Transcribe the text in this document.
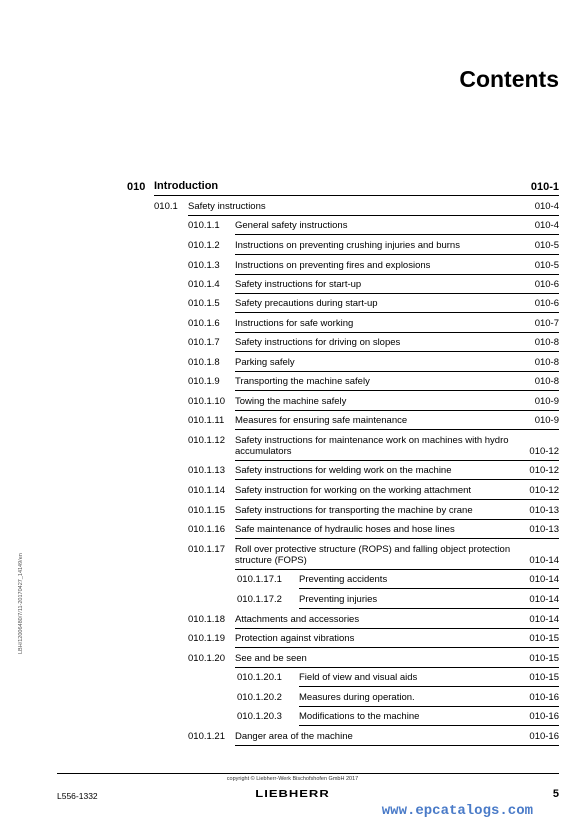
Contents
010 Introduction	010-1
010.1 Safety instructions	010-4
010.1.1 General safety instructions	010-4
010.1.2 Instructions on preventing crushing injuries and burns	010-5
010.1.3 Instructions on preventing fires and explosions	010-5
010.1.4 Safety instructions for start-up	010-6
010.1.5 Safety precautions during start-up	010-6
010.1.6 Instructions for safe working	010-7
010.1.7 Safety instructions for driving on slopes	010-8
010.1.8 Parking safely	010-8
010.1.9 Transporting the machine safely	010-8
010.1.10 Towing the machine safely	010-9
010.1.11 Measures for ensuring safe maintenance	010-9
010.1.12 Safety instructions for maintenance work on machines with hydro accumulators	010-12
010.1.13 Safety instructions for welding work on the machine	010-12
010.1.14 Safety instruction for working on the working attachment	010-12
010.1.15 Safety instructions for transporting the machine by crane	010-13
010.1.16 Safe maintenance of hydraulic hoses and hose lines	010-13
010.1.17 Roll over protective structure (ROPS) and falling object protection structure (FOPS)	010-14
010.1.17.1 Preventing accidents	010-14
010.1.17.2 Preventing injuries	010-14
010.1.18 Attachments and accessories	010-14
010.1.19 Protection against vibrations	010-15
010.1.20 See and be seen	010-15
010.1.20.1 Field of view and visual aids	010-15
010.1.20.2 Measures during operation.	010-16
010.1.20.3 Modifications to the machine	010-16
010.1.21 Danger area of the machine	010-16
LBH/12006480/7/11-20170427_14149/en
copyright © Liebherr-Werk Bischofshofen GmbH 2017
L556-1332	LIEBHERR	5
www.epcatalogs.com
